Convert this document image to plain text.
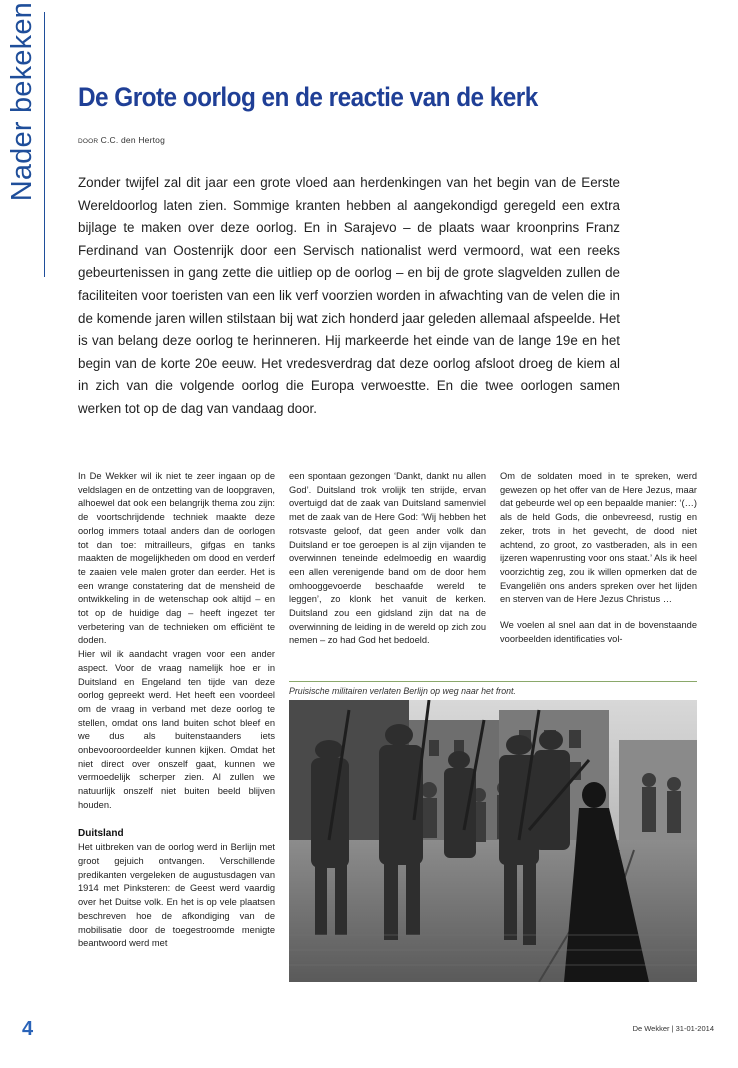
Nader bekeken De Grote oorlog en de reactie van de kerk
DOOR C.C. den Hertog

Zonder twijfel zal dit jaar een grote vloed aan herdenkingen van het begin van de Eerste Wereldoorlog laten zien. Sommige kranten hebben al aangekondigd geregeld een extra bijlage te maken over deze oorlog. En in Sarajevo – de plaats waar kroonprins Franz Ferdinand van Oostenrijk door een Servisch nationalist werd vermoord, wat een reeks gebeurtenissen in gang zette die uitliep op de oorlog – en bij de grote slagvelden zullen de faciliteiten voor toeristen van een lik verf voorzien worden in afwachting van de velen die in de komende jaren willen stilstaan bij wat zich honderd jaar geleden allemaal afspeelde. Het is van belang deze oorlog te herinneren. Hij markeerde het einde van de lange 19e en het begin van de korte 20e eeuw. Het vredesverdrag dat deze oorlog afsloot droeg de kiem al in zich van die volgende oorlog die Europa verwoestte. En die twee oorlogen samen werken tot op de dag van vandaag door.

In De Wekker wil ik niet te zeer ingaan op de veldslagen en de ontzetting van de loopgraven, alhoewel dat ook een belangrijk thema zou zijn: de voortschrijdende techniek maakte deze oorlog immers totaal anders dan de oorlogen tot dan toe: mitrailleurs, gifgas en tanks maakten de mogelijkheden om dood en verderf te zaaien vele malen groter dan eerder. Het is een wrange constatering dat de mensheid de ontwikkeling in de wetenschap ook altijd – en tot op de huidige dag – heeft ingezet ter verbetering van de technieken om efficiënt te doden.

Hier wil ik aandacht vragen voor een ander aspect. Voor de vraag namelijk hoe er in Duitsland en Engeland ten tijde van deze oorlog gepreekt werd. Het heeft een voordeel om de vraag in verband met deze oorlog te stellen, omdat ons land buiten schot bleef en we dus als buitenstaanders iets onbevooroordeelder kunnen kijken. Omdat het niet direct over onszelf gaat, kunnen we vermoedelijk scherper zien. Al zullen we natuurlijk onszelf niet buiten beeld blijven houden.

Duitsland

Het uitbreken van de oorlog werd in Berlijn met groot gejuich ontvangen. Verschillende predikanten vergeleken de augustusdagen van 1914 met Pinksteren: de Geest werd vaardig over het Duitse volk. En het is op vele plaatsen beschreven hoe de afkondiging van de mobilisatie door de toegestroomde menigte beantwoord werd met

een spontaan gezongen ‘Dankt, dankt nu allen God’. Duitsland trok vrolijk ten strijde, ervan overtuigd dat de zaak van Duitsland samenviel met de zaak van de Here God: ‘Wij hebben het rotsvaste geloof, dat geen ander volk dan Duitsland er toe geroepen is al zijn vijanden te overwinnen teneinde edelmoedig en waardig een allen verenigende band om de door hem omhooggevoerde beschaafde wereld te leggen’, zo klonk het vanuit de kerken. Duitsland zou een gidsland zijn dat na de overwinning de leiding in de wereld op zich zou nemen – zo had God het bedoeld.

Om de soldaten moed in te spreken, werd gewezen op het offer van de Here Jezus, maar dat gebeurde wel op een bepaalde manier: ‘(…) als de held Gods, die onbevreesd, rustig en zeker, trots in het gevecht, de dood niet achtend, zo groot, zo vastberaden, als in een ijzeren wapenrusting voor ons staat.’ Als ik heel voorzichtig zeg, zou ik willen opmerken dat de Evangeliën ons anders spreken over het lijden en sterven van de Here Jezus Christus …

We voelen al snel aan dat in de bovenstaande voorbeelden identificaties vol-

Pruisische militairen verlaten Berlijn op weg naar het front.
4	De Wekker | 31-01-2014
